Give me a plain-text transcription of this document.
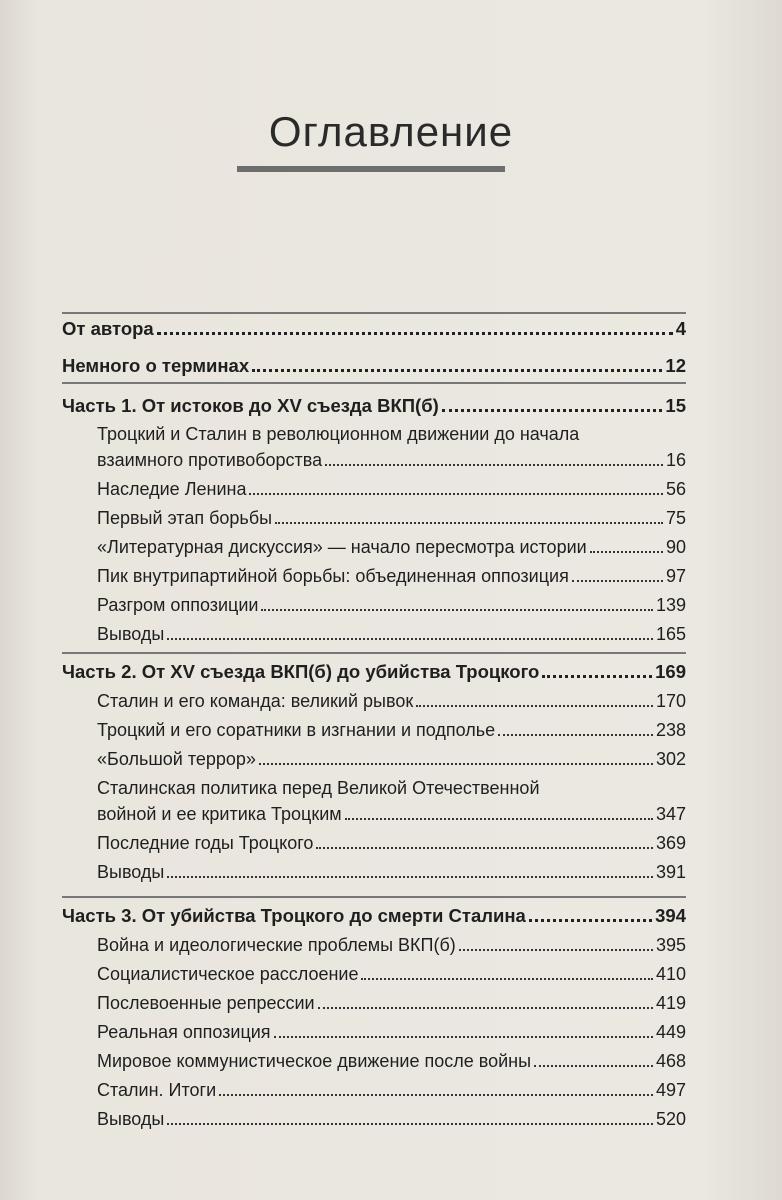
Оглавление
От автора	4
Немного о терминах	12
Часть 1. От истоков до XV съезда ВКП(б)	15
Троцкий и Сталин в революционном движении до начала
взаимного противоборства	16
Наследие Ленина	56
Первый этап борьбы	75
«Литературная дискуссия» — начало пересмотра истории	90
Пик внутрипартийной борьбы: объединенная оппозиция	97
Разгром оппозиции	139
Выводы	165
Часть 2. От XV съезда ВКП(б) до убийства Троцкого	169
Сталин и его команда: великий рывок	170
Троцкий и его соратники в изгнании и подполье	238
«Большой террор»	302
Сталинская политика перед Великой Отечественной
войной и ее критика Троцким	347
Последние годы Троцкого	369
Выводы	391
Часть 3. От убийства Троцкого до смерти Сталина	394
Война и идеологические проблемы ВКП(б)	395
Социалистическое расслоение	410
Послевоенные репрессии	419
Реальная оппозиция	449
Мировое коммунистическое движение после войны	468
Сталин. Итоги	497
Выводы	520
